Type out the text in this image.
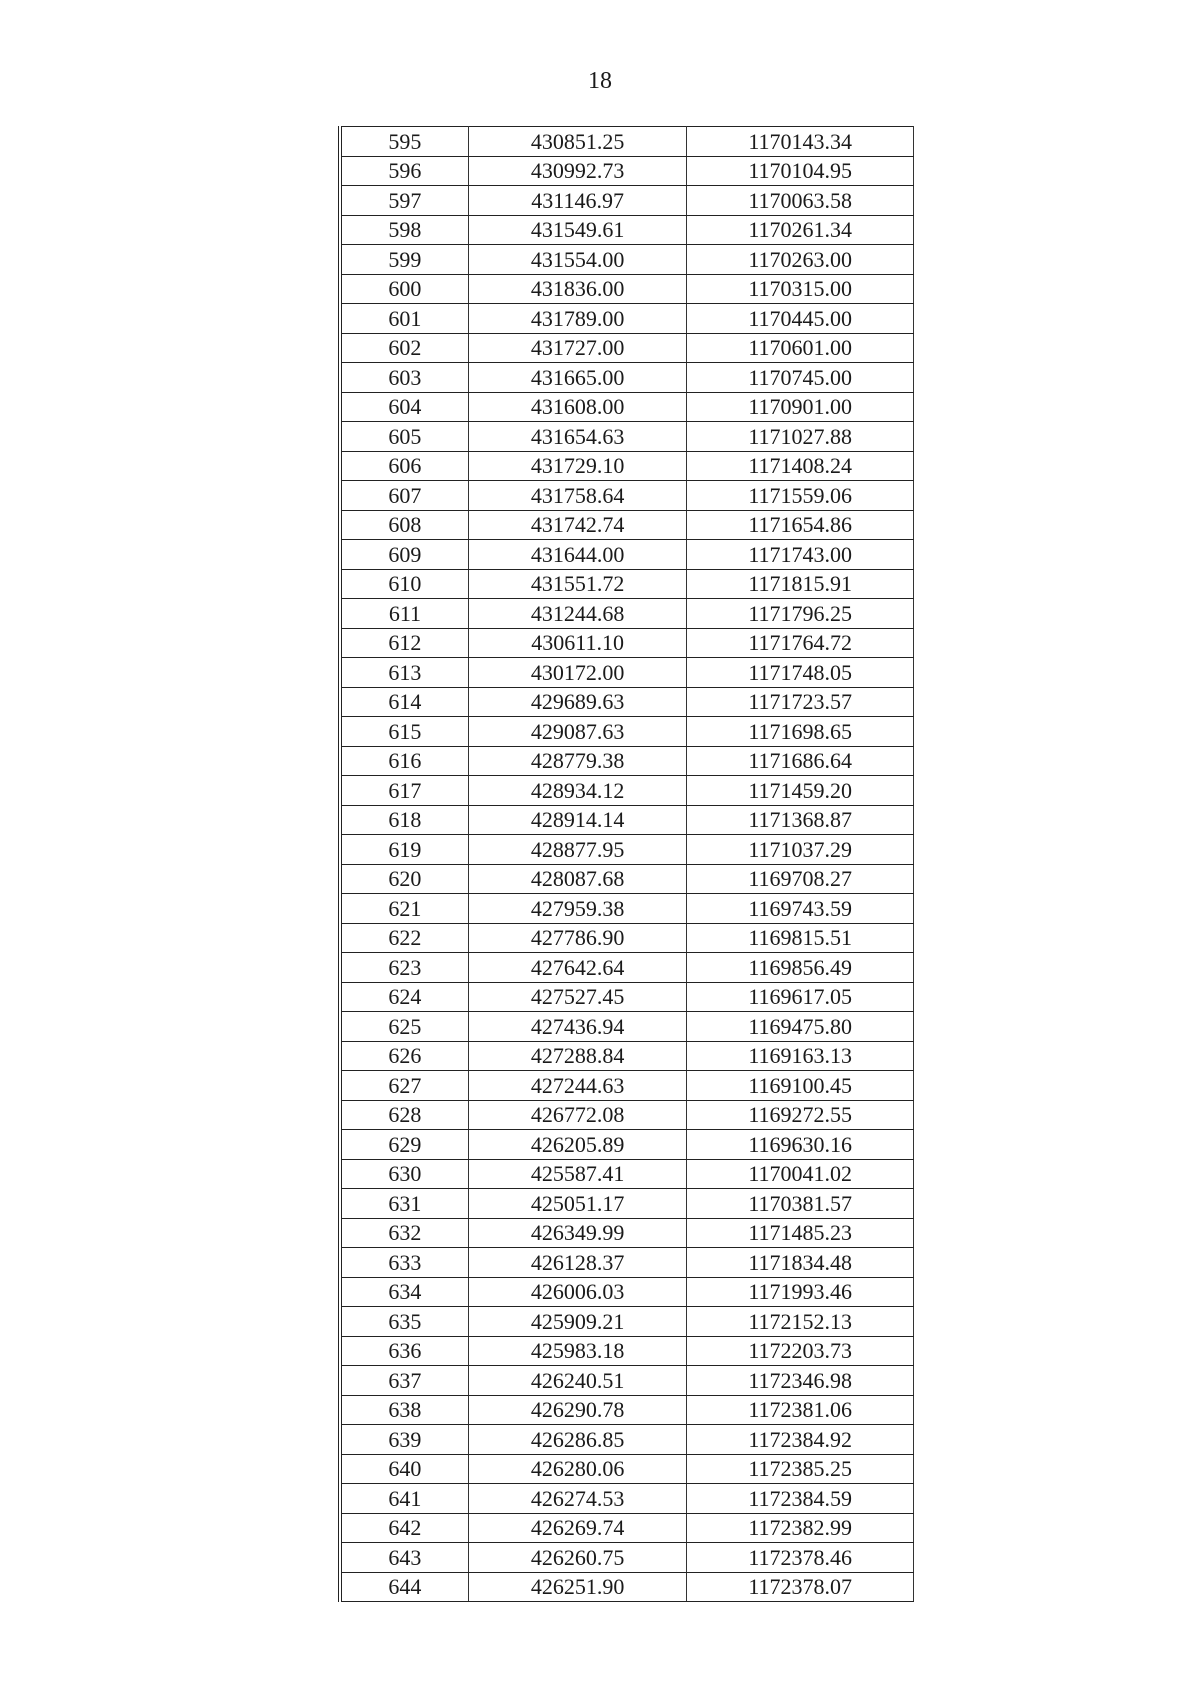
18
595	430851.25	1170143.34
596	430992.73	1170104.95
597	431146.97	1170063.58
598	431549.61	1170261.34
599	431554.00	1170263.00
600	431836.00	1170315.00
601	431789.00	1170445.00
602	431727.00	1170601.00
603	431665.00	1170745.00
604	431608.00	1170901.00
605	431654.63	1171027.88
606	431729.10	1171408.24
607	431758.64	1171559.06
608	431742.74	1171654.86
609	431644.00	1171743.00
610	431551.72	1171815.91
611	431244.68	1171796.25
612	430611.10	1171764.72
613	430172.00	1171748.05
614	429689.63	1171723.57
615	429087.63	1171698.65
616	428779.38	1171686.64
617	428934.12	1171459.20
618	428914.14	1171368.87
619	428877.95	1171037.29
620	428087.68	1169708.27
621	427959.38	1169743.59
622	427786.90	1169815.51
623	427642.64	1169856.49
624	427527.45	1169617.05
625	427436.94	1169475.80
626	427288.84	1169163.13
627	427244.63	1169100.45
628	426772.08	1169272.55
629	426205.89	1169630.16
630	425587.41	1170041.02
631	425051.17	1170381.57
632	426349.99	1171485.23
633	426128.37	1171834.48
634	426006.03	1171993.46
635	425909.21	1172152.13
636	425983.18	1172203.73
637	426240.51	1172346.98
638	426290.78	1172381.06
639	426286.85	1172384.92
640	426280.06	1172385.25
641	426274.53	1172384.59
642	426269.74	1172382.99
643	426260.75	1172378.46
644	426251.90	1172378.07
